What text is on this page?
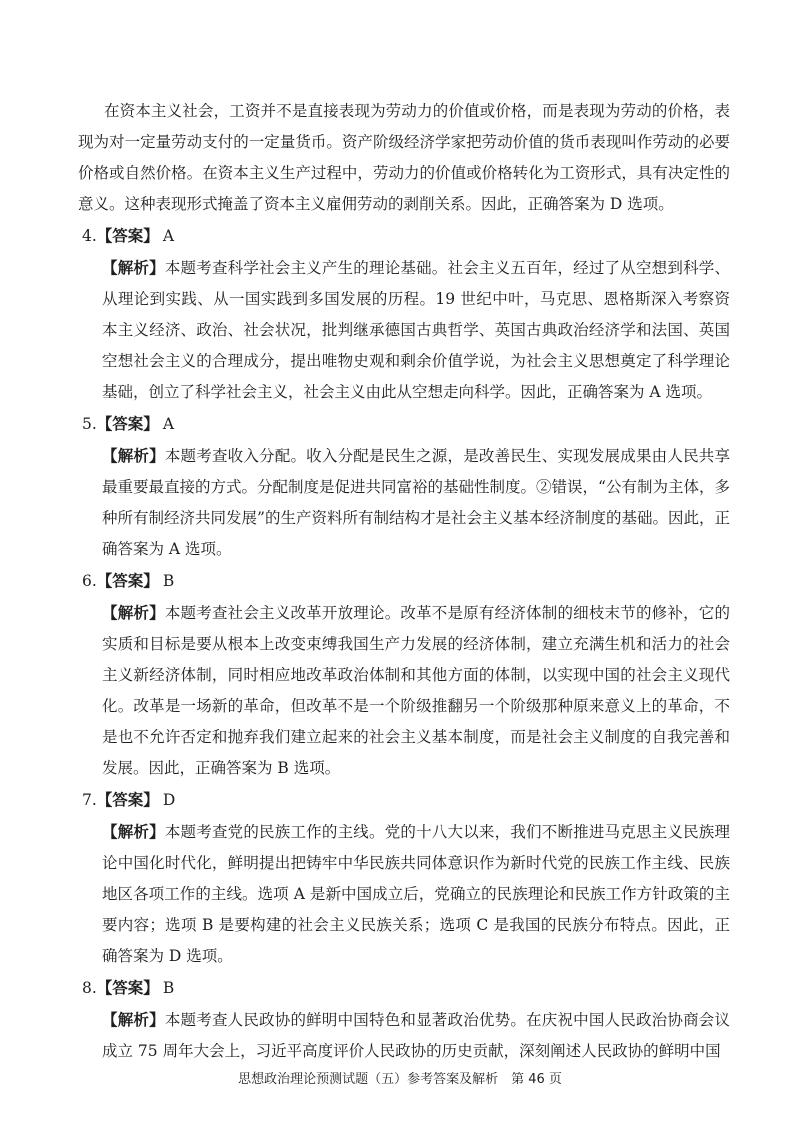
在资本主义社会，工资并不是直接表现为劳动力的价值或价格，而是表现为劳动的价格，表现为对一定量劳动支付的一定量货币。资产阶级经济学家把劳动价值的货币表现叫作劳动的必要价格或自然价格。在资本主义生产过程中，劳动力的价值或价格转化为工资形式，具有决定性的意义。这种表现形式掩盖了资本主义雇佣劳动的剥削关系。因此，正确答案为 D 选项。

4.【答案】 A

【解析】本题考查科学社会主义产生的理论基础。社会主义五百年，经过了从空想到科学、从理论到实践、从一国实践到多国发展的历程。19 世纪中叶，马克思、恩格斯深入考察资本主义经济、政治、社会状况，批判继承德国古典哲学、英国古典政治经济学和法国、英国空想社会主义的合理成分，提出唯物史观和剩余价值学说，为社会主义思想奠定了科学理论基础，创立了科学社会主义，社会主义由此从空想走向科学。因此，正确答案为 A 选项。

5.【答案】 A

【解析】本题考查收入分配。收入分配是民生之源，是改善民生、实现发展成果由人民共享最重要最直接的方式。分配制度是促进共同富裕的基础性制度。②错误，“公有制为主体，多种所有制经济共同发展”的生产资料所有制结构才是社会主义基本经济制度的基础。因此，正确答案为 A 选项。

6.【答案】 B

【解析】本题考查社会主义改革开放理论。改革不是原有经济体制的细枝末节的修补，它的实质和目标是要从根本上改变束缚我国生产力发展的经济体制，建立充满生机和活力的社会主义新经济体制，同时相应地改革政治体制和其他方面的体制，以实现中国的社会主义现代化。改革是一场新的革命，但改革不是一个阶级推翻另一个阶级那种原来意义上的革命，不是也不允许否定和抛弃我们建立起来的社会主义基本制度，而是社会主义制度的自我完善和发展。因此，正确答案为 B 选项。

7.【答案】 D

【解析】本题考查党的民族工作的主线。党的十八大以来，我们不断推进马克思主义民族理论中国化时代化，鲜明提出把铸牢中华民族共同体意识作为新时代党的民族工作主线、民族地区各项工作的主线。选项 A 是新中国成立后，党确立的民族理论和民族工作方针政策的主要内容；选项 B 是要构建的社会主义民族关系；选项 C 是我国的民族分布特点。因此，正确答案为 D 选项。

8.【答案】 B

【解析】本题考查人民政协的鲜明中国特色和显著政治优势。在庆祝中国人民政治协商会议成立 75 周年大会上，习近平高度评价人民政协的历史贡献，深刻阐述人民政协的鲜明中国

思想政治理论预测试题（五）参考答案及解析　第 46 页
